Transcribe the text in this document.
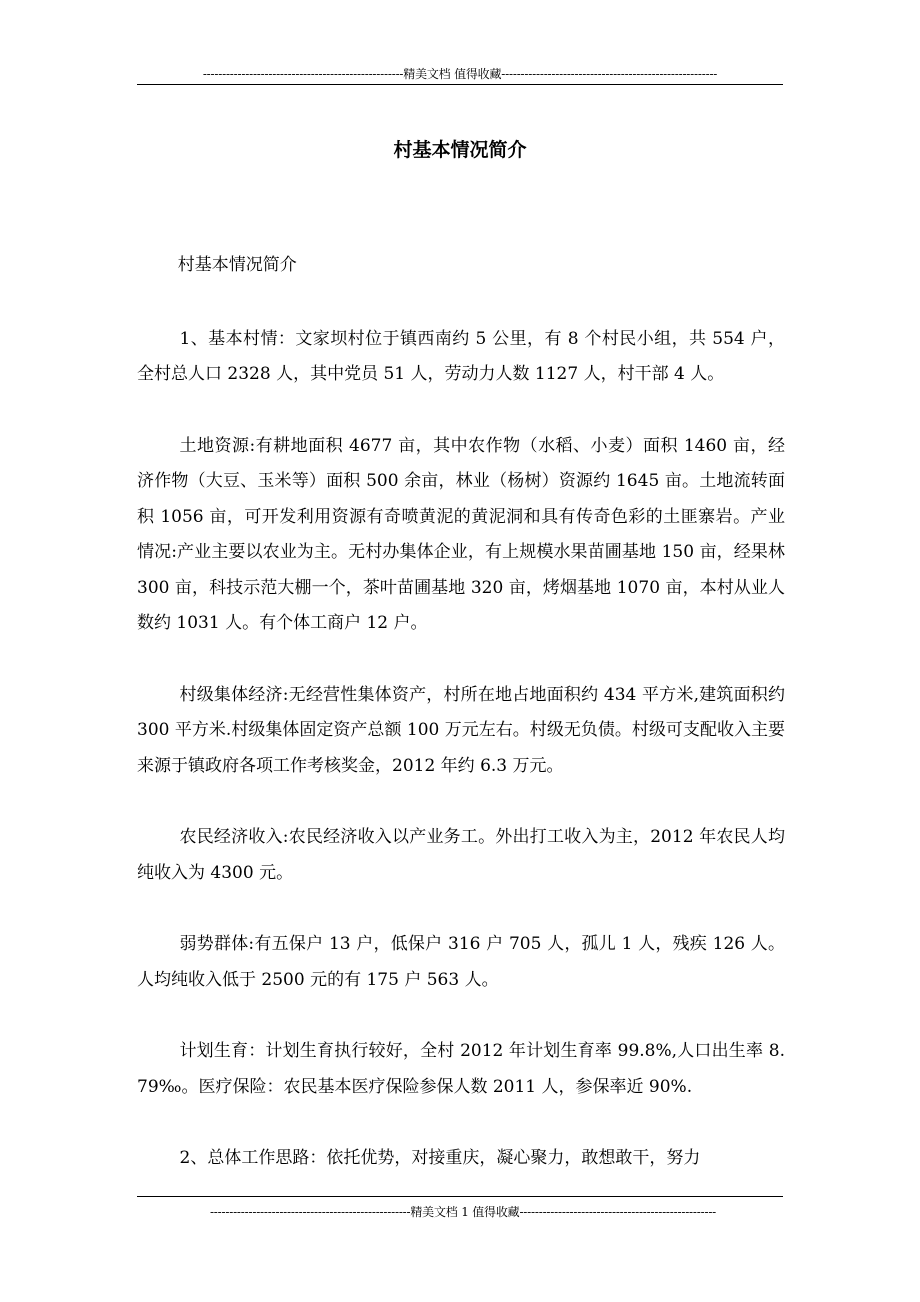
----------------------------------------------------精美文档 值得收藏--------------------------------------------------------
村基本情况简介

村基本情况简介

1、基本村情：文家坝村位于镇西南约 5 公里，有 8 个村民小组，共 554 户，全村总人口 2328 人，其中党员 51 人，劳动力人数 1127 人，村干部 4 人。

土地资源:有耕地面积 4677 亩，其中农作物（水稻、小麦）面积 1460 亩，经济作物（大豆、玉米等）面积 500 余亩，林业（杨树）资源约 1645 亩。土地流转面积 1056 亩，可开发利用资源有奇喷黄泥的黄泥洞和具有传奇色彩的土匪寨岩。产业情况:产业主要以农业为主。无村办集体企业，有上规模水果苗圃基地 150 亩，经果林 300 亩，科技示范大棚一个，茶叶苗圃基地 320 亩，烤烟基地 1070 亩，本村从业人数约 1031 人。有个体工商户 12 户。

村级集体经济:无经营性集体资产，村所在地占地面积约 434 平方米,建筑面积约 300 平方米.村级集体固定资产总额 100 万元左右。村级无负债。村级可支配收入主要来源于镇政府各项工作考核奖金，2012 年约 6.3 万元。

农民经济收入:农民经济收入以产业务工。外出打工收入为主，2012 年农民人均纯收入为 4300 元。

弱势群体:有五保户 13 户，低保户 316 户 705 人，孤儿 1 人，残疾 126 人。人均纯收入低于 2500 元的有 175 户 563 人。

计划生育：计划生育执行较好，全村 2012 年计划生育率 99.8%,人口出生率 8.79‰。医疗保险：农民基本医疗保险参保人数 2011 人，参保率近 90%.

2、总体工作思路：依托优势，对接重庆，凝心聚力，敢想敢干，努力

----------------------------------------------------精美文档 1 值得收藏---------------------------------------------------
